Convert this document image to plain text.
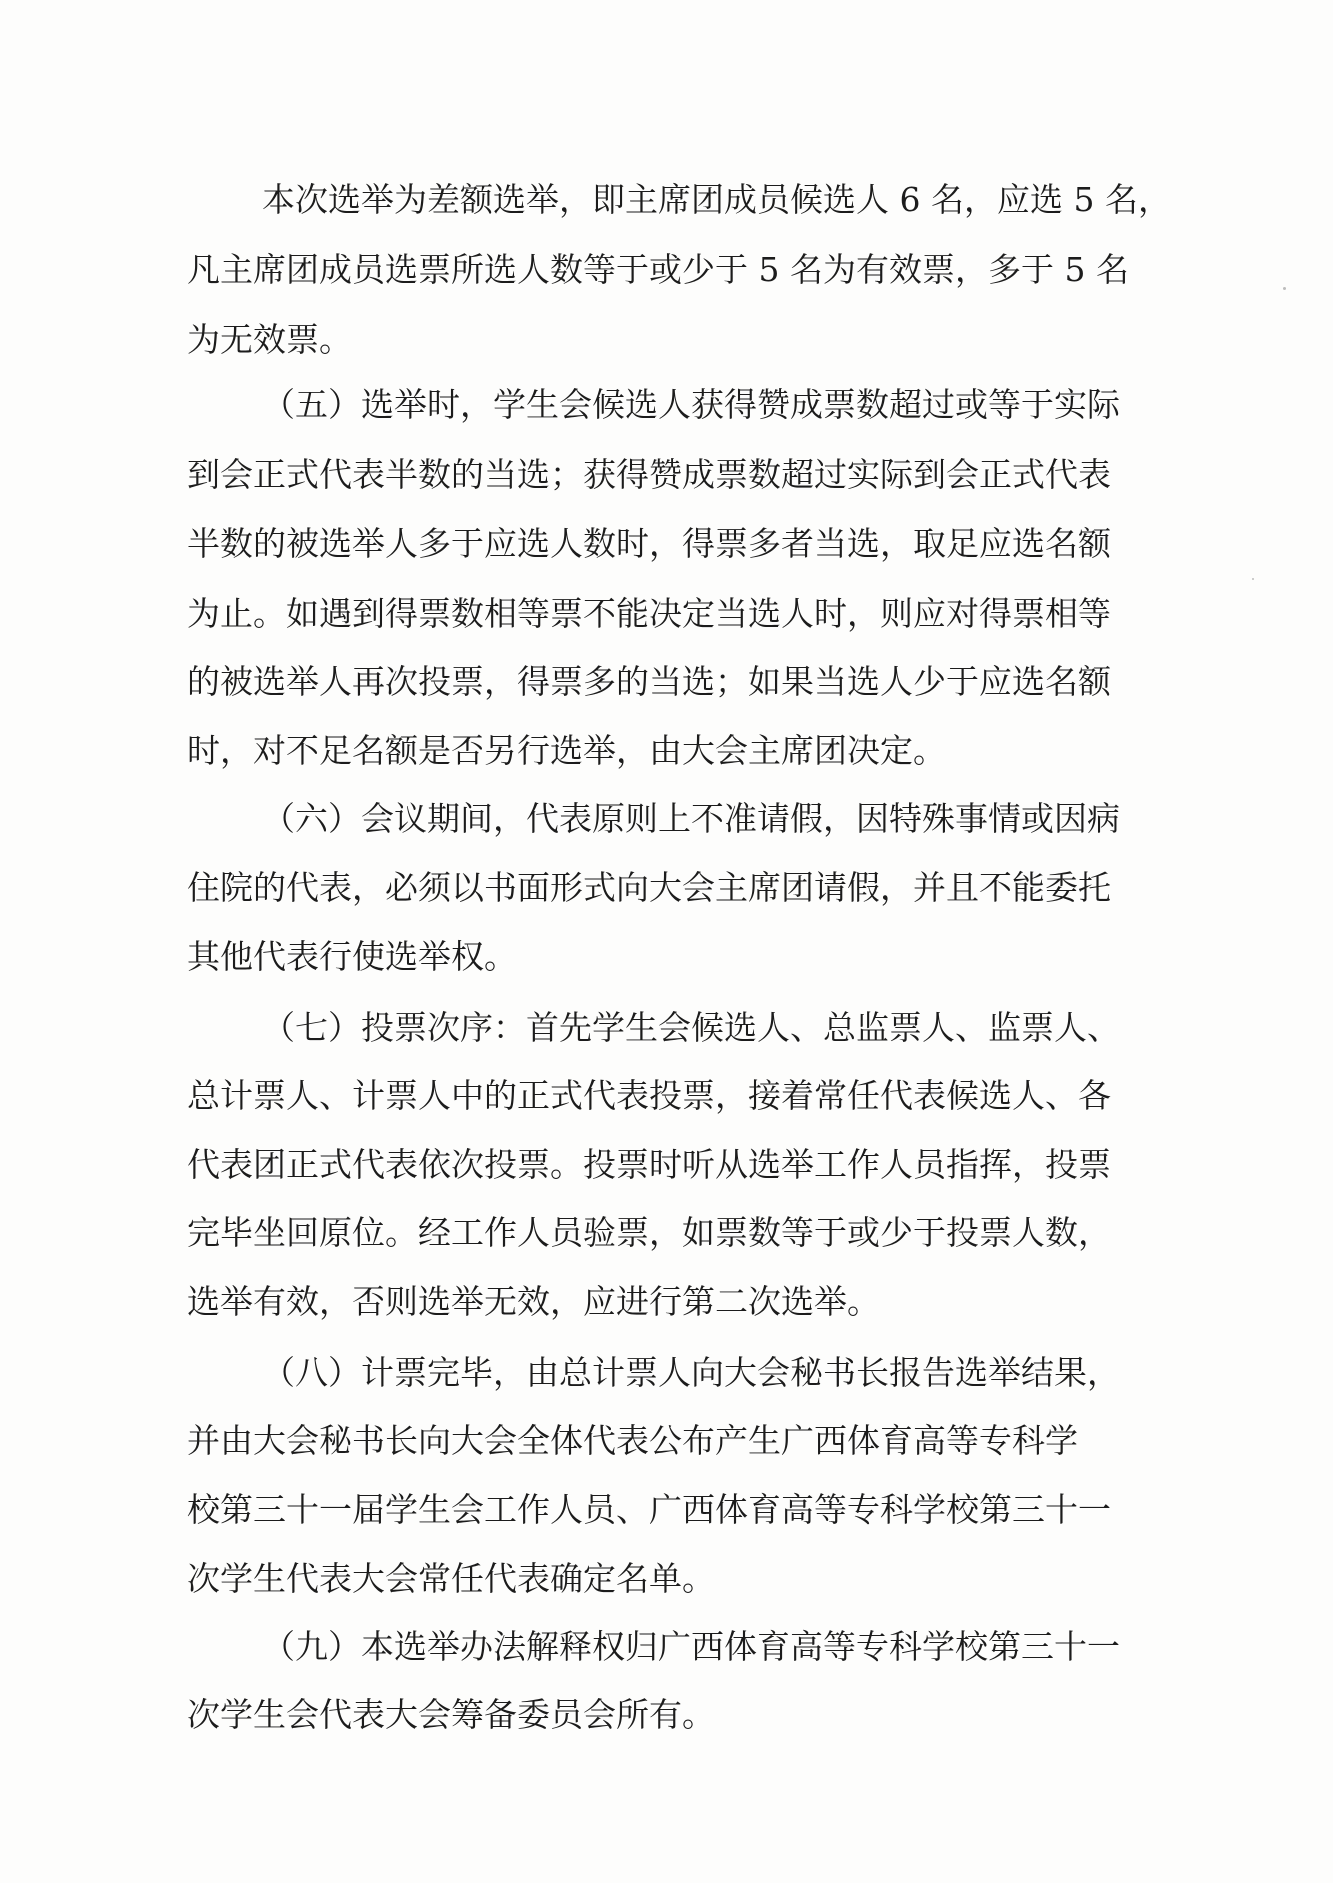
本次选举为差额选举，即主席团成员候选人 6 名，应选 5 名，
凡主席团成员选票所选人数等于或少于 5 名为有效票，多于 5 名
为无效票。
（五）选举时，学生会候选人获得赞成票数超过或等于实际
到会正式代表半数的当选；获得赞成票数超过实际到会正式代表
半数的被选举人多于应选人数时，得票多者当选，取足应选名额
为止。如遇到得票数相等票不能决定当选人时，则应对得票相等
的被选举人再次投票，得票多的当选；如果当选人少于应选名额
时，对不足名额是否另行选举，由大会主席团决定。
（六）会议期间，代表原则上不准请假，因特殊事情或因病
住院的代表，必须以书面形式向大会主席团请假，并且不能委托
其他代表行使选举权。
（七）投票次序：首先学生会候选人、总监票人、监票人、
总计票人、计票人中的正式代表投票，接着常任代表候选人、各
代表团正式代表依次投票。投票时听从选举工作人员指挥，投票
完毕坐回原位。经工作人员验票，如票数等于或少于投票人数，
选举有效，否则选举无效，应进行第二次选举。
（八）计票完毕，由总计票人向大会秘书长报告选举结果，
并由大会秘书长向大会全体代表公布产生广西体育高等专科学
校第三十一届学生会工作人员、广西体育高等专科学校第三十一
次学生代表大会常任代表确定名单。
（九）本选举办法解释权归广西体育高等专科学校第三十一
次学生会代表大会筹备委员会所有。
